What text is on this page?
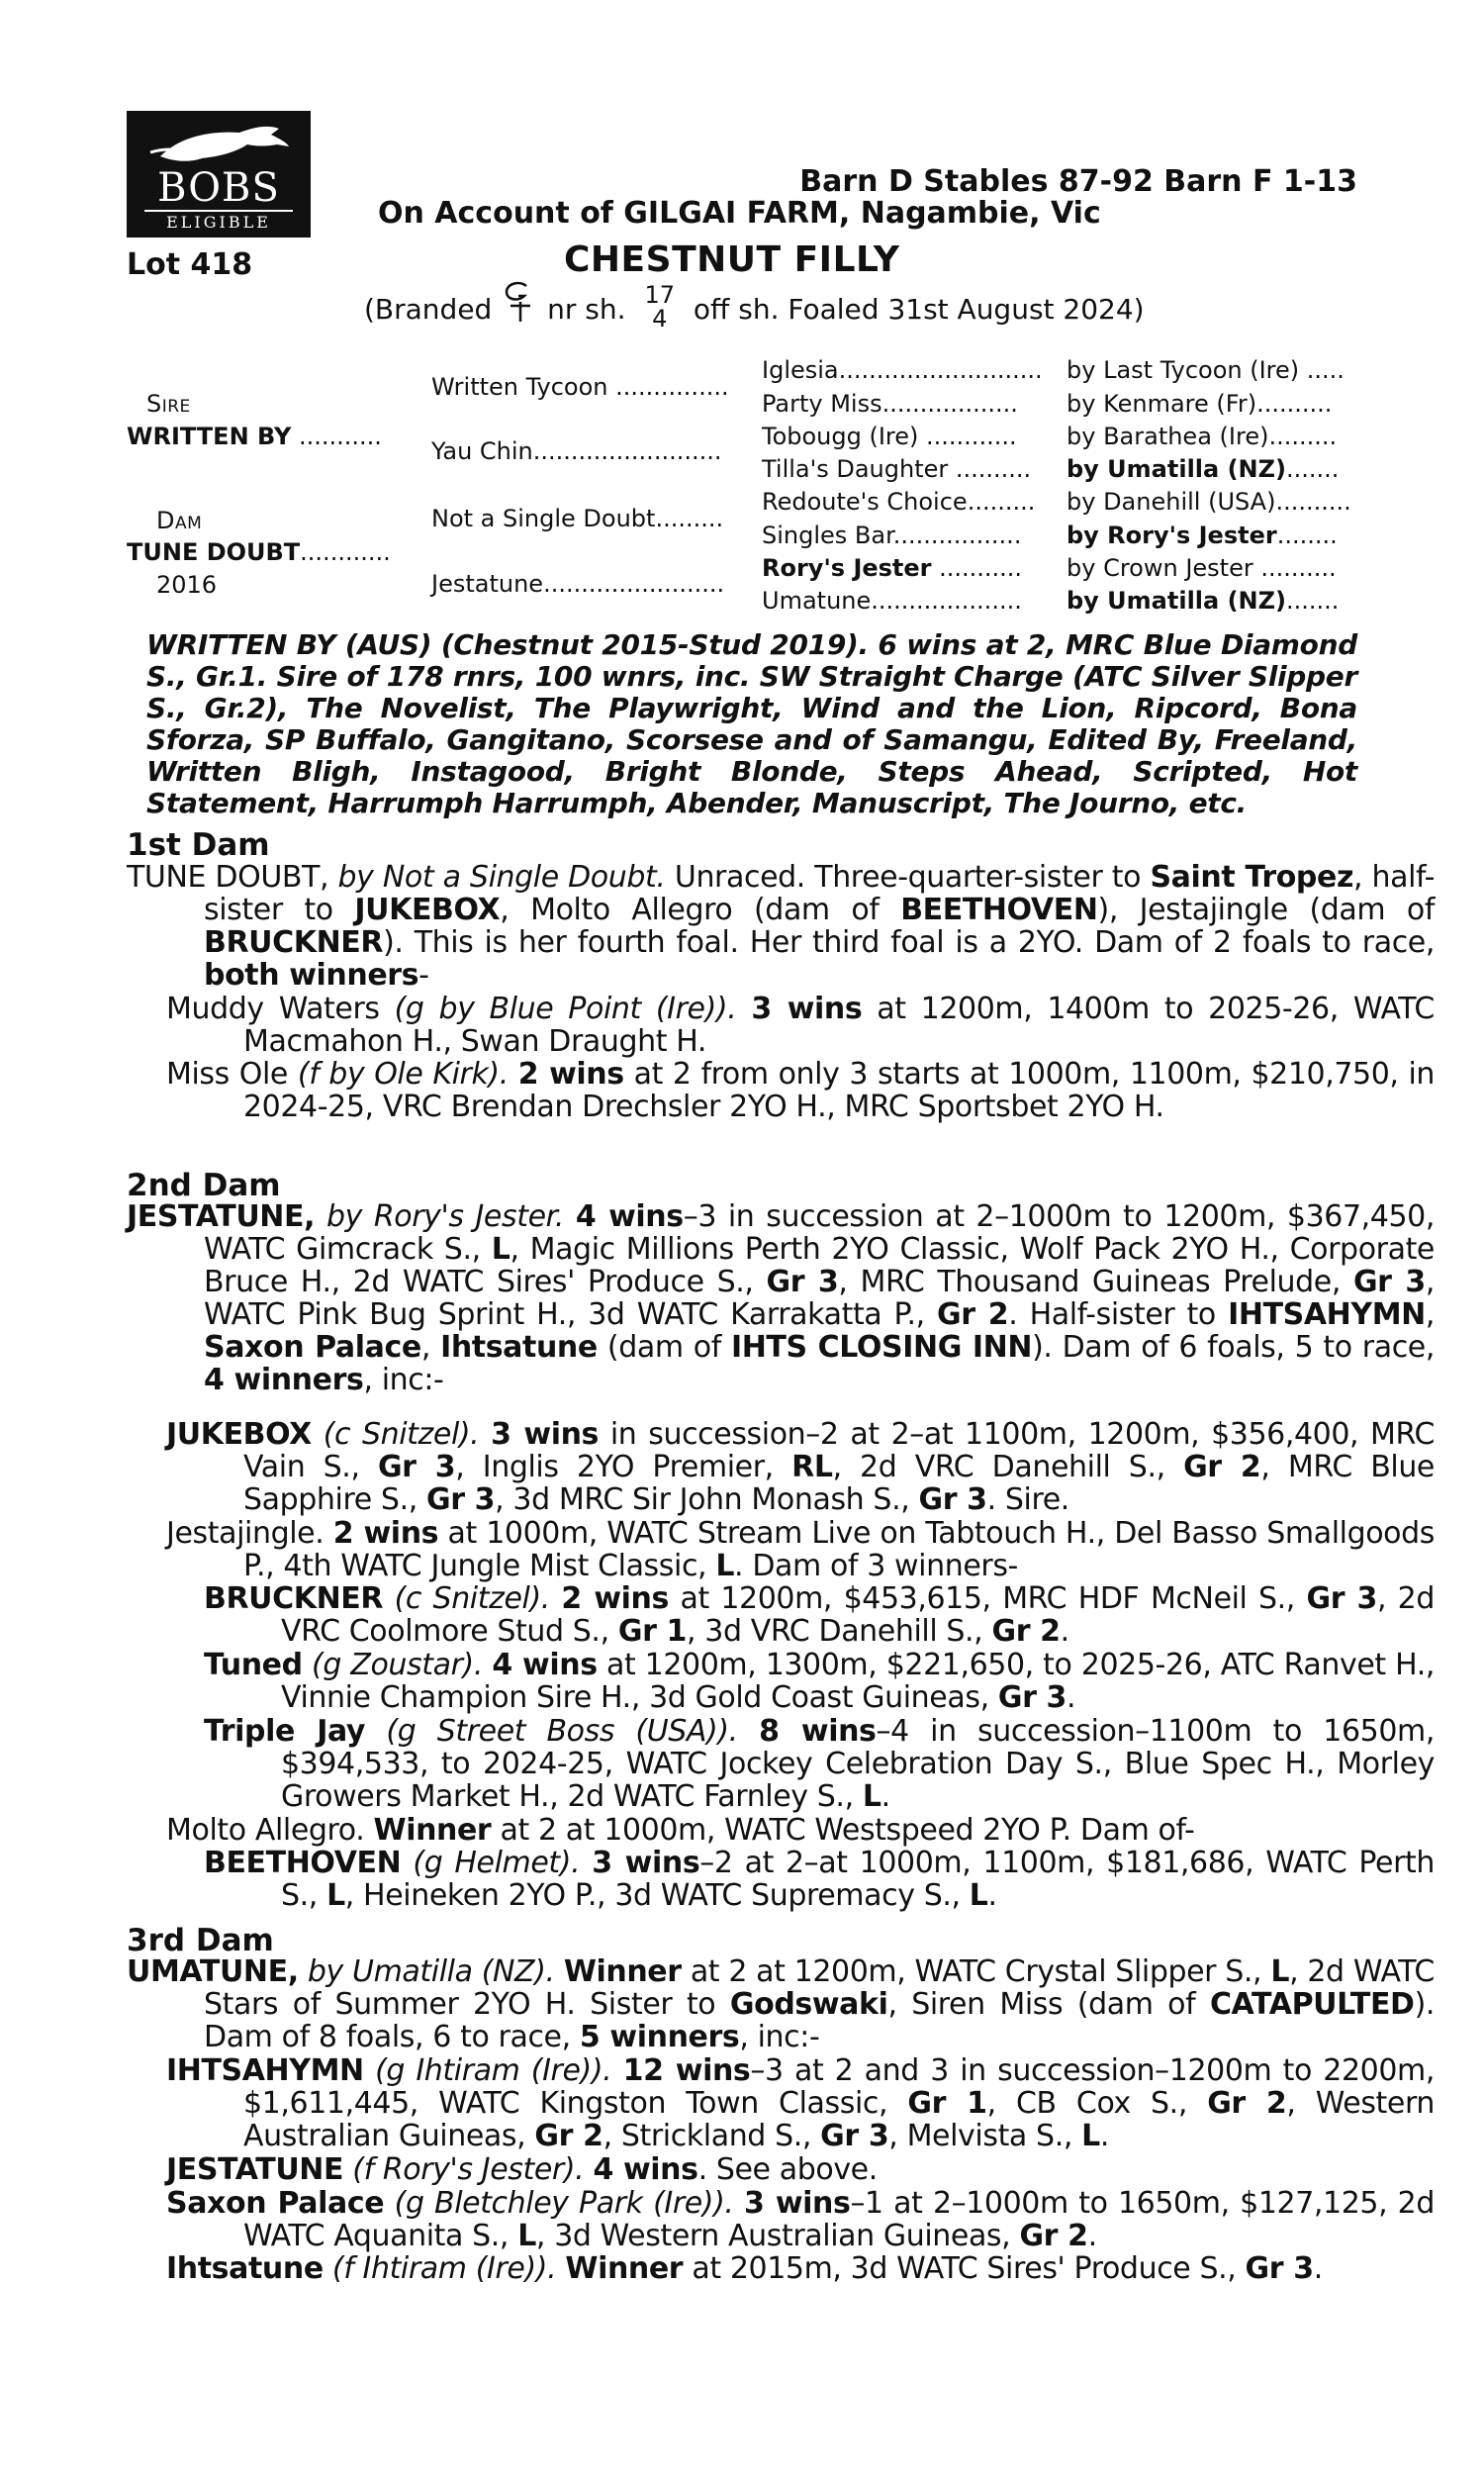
BOBS
ELIGIBLE
Barn D Stables 87-92 Barn F 1-13
On Account of GILGAI FARM, Nagambie, Vic
Lot 418	CHESTNUT FILLY
(Branded nr sh. 17
4 off sh. Foaled 31st August 2024)
Sire
WRITTEN BY ...........
Dam
TUNE DOUBT............
2016
Written Tycoon ...............
Yau Chin.........................
Not a Single Doubt.........
Jestatune........................
Iglesia...........................
Party Miss..................
Tobougg (Ire) ............
Tilla's Daughter ..........
Redoute's Choice.........
Singles Bar.................
Rory's Jester ...........
Umatune....................
by Last Tycoon (Ire) .....
by Kenmare (Fr)..........
by Barathea (Ire).........
by Umatilla (NZ).......
by Danehill (USA)..........
by Rory's Jester........
by Crown Jester ..........
by Umatilla (NZ).......
WRITTEN BY (AUS) (Chestnut 2015-Stud 2019). 6 wins at 2, MRC Blue Diamond S., Gr.1. Sire of 178 rnrs, 100 wnrs, inc. SW Straight Charge (ATC Silver Slipper S., Gr.2), The Novelist, The Playwright, Wind and the Lion, Ripcord, Bona Sforza, SP Buffalo, Gangitano, Scorsese and of Samangu, Edited By, Freeland, Written Bligh, Instagood, Bright Blonde, Steps Ahead, Scripted, Hot Statement, Harrumph Harrumph, Abender, Manuscript, The Journo, etc.
1st Dam
TUNE DOUBT, by Not a Single Doubt. Unraced. Three-quarter-sister to Saint Tropez, half-sister to JUKEBOX, Molto Allegro (dam of BEETHOVEN), Jestajingle (dam of BRUCKNER). This is her fourth foal. Her third foal is a 2YO. Dam of 2 foals to race, both winners-
Muddy Waters (g by Blue Point (Ire)). 3 wins at 1200m, 1400m to 2025-26, WATC Macmahon H., Swan Draught H.
Miss Ole (f by Ole Kirk). 2 wins at 2 from only 3 starts at 1000m, 1100m, $210,750, in 2024-25, VRC Brendan Drechsler 2YO H., MRC Sportsbet 2YO H.
2nd Dam
JESTATUNE, by Rory's Jester. 4 wins–3 in succession at 2–1000m to 1200m, $367,450, WATC Gimcrack S., L, Magic Millions Perth 2YO Classic, Wolf Pack 2YO H., Corporate Bruce H., 2d WATC Sires' Produce S., Gr 3, MRC Thousand Guineas Prelude, Gr 3, WATC Pink Bug Sprint H., 3d WATC Karrakatta P., Gr 2. Half-sister to IHTSAHYMN, Saxon Palace, Ihtsatune (dam of IHTS CLOSING INN). Dam of 6 foals, 5 to race, 4 winners, inc:-
JUKEBOX (c Snitzel). 3 wins in succession–2 at 2–at 1100m, 1200m, $356,400, MRC Vain S., Gr 3, Inglis 2YO Premier, RL, 2d VRC Danehill S., Gr 2, MRC Blue Sapphire S., Gr 3, 3d MRC Sir John Monash S., Gr 3. Sire.
Jestajingle. 2 wins at 1000m, WATC Stream Live on Tabtouch H., Del Basso Smallgoods P., 4th WATC Jungle Mist Classic, L. Dam of 3 winners-
BRUCKNER (c Snitzel). 2 wins at 1200m, $453,615, MRC HDF McNeil S., Gr 3, 2d VRC Coolmore Stud S., Gr 1, 3d VRC Danehill S., Gr 2.
Tuned (g Zoustar). 4 wins at 1200m, 1300m, $221,650, to 2025-26, ATC Ranvet H., Vinnie Champion Sire H., 3d Gold Coast Guineas, Gr 3.
Triple Jay (g Street Boss (USA)). 8 wins–4 in succession–1100m to 1650m, $394,533, to 2024-25, WATC Jockey Celebration Day S., Blue Spec H., Morley Growers Market H., 2d WATC Farnley S., L.
Molto Allegro. Winner at 2 at 1000m, WATC Westspeed 2YO P. Dam of-
BEETHOVEN (g Helmet). 3 wins–2 at 2–at 1000m, 1100m, $181,686, WATC Perth S., L, Heineken 2YO P., 3d WATC Supremacy S., L.
3rd Dam
UMATUNE, by Umatilla (NZ). Winner at 2 at 1200m, WATC Crystal Slipper S., L, 2d WATC Stars of Summer 2YO H. Sister to Godswaki, Siren Miss (dam of CATAPULTED). Dam of 8 foals, 6 to race, 5 winners, inc:-
IHTSAHYMN (g Ihtiram (Ire)). 12 wins–3 at 2 and 3 in succession–1200m to 2200m, $1,611,445, WATC Kingston Town Classic, Gr 1, CB Cox S., Gr 2, Western Australian Guineas, Gr 2, Strickland S., Gr 3, Melvista S., L.
JESTATUNE (f Rory's Jester). 4 wins. See above.
Saxon Palace (g Bletchley Park (Ire)). 3 wins–1 at 2–1000m to 1650m, $127,125, 2d WATC Aquanita S., L, 3d Western Australian Guineas, Gr 2.
Ihtsatune (f Ihtiram (Ire)). Winner at 2015m, 3d WATC Sires' Produce S., Gr 3.
